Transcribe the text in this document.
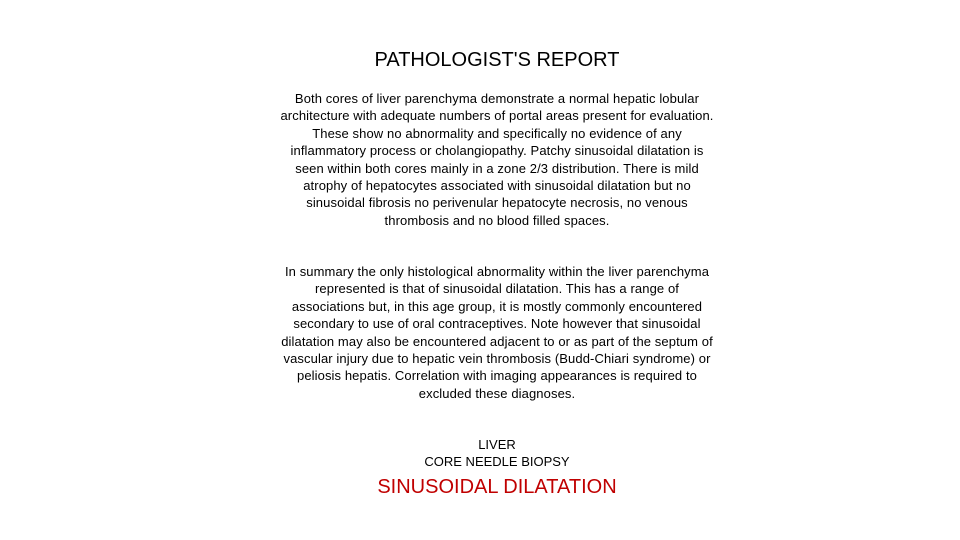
PATHOLOGIST'S REPORT

Both cores of liver parenchyma demonstrate a normal hepatic lobular architecture with adequate numbers of portal areas present for evaluation. These show no abnormality and specifically no evidence of any inflammatory process or cholangiopathy. Patchy sinusoidal dilatation is seen within both cores mainly in a zone 2/3 distribution. There is mild atrophy of hepatocytes associated with sinusoidal dilatation but no sinusoidal fibrosis no perivenular hepatocyte necrosis, no venous thrombosis and no blood filled spaces.

In summary the only histological abnormality within the liver parenchyma represented is that of sinusoidal dilatation. This has a range of associations but, in this age group, it is mostly commonly encountered secondary to use of oral contraceptives. Note however that sinusoidal dilatation may also be encountered adjacent to or as part of the septum of vascular injury due to hepatic vein thrombosis (Budd-Chiari syndrome) or peliosis hepatis. Correlation with imaging appearances is required to excluded these diagnoses.

LIVER
CORE NEEDLE BIOPSY
SINUSOIDAL DILATATION
